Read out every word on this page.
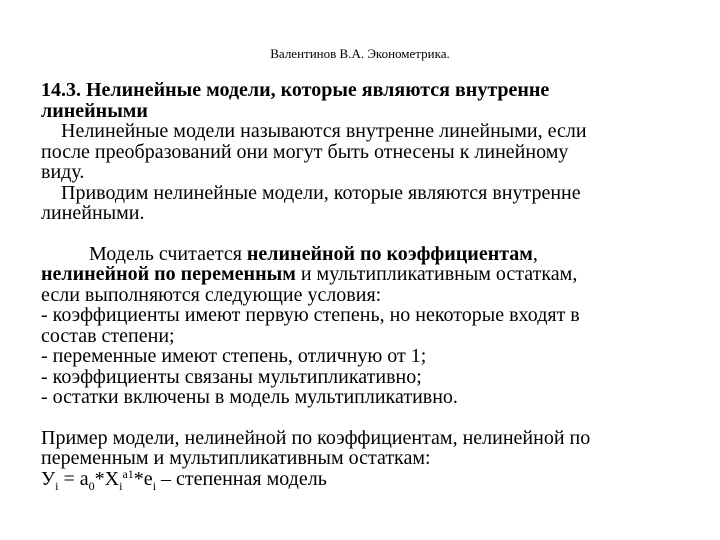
Валентинов В.А. Эконометрика.

14.3. Нелинейные модели, которые являются внутренне
линейными

Нелинейные модели называются внутренне линейными, если

после преобразований они могут быть отнесены к линейному

виду.

Приводим нелинейные модели, которые являются внутренне

линейными.

Модель считается нелинейной по коэффициентам,

нелинейной по переменным и мультипликативным остаткам,

если выполняются следующие условия:

- коэффициенты имеют первую степень, но некоторые входят в

состав степени;

- переменные имеют степень, отличную от 1;

- коэффициенты связаны мультипликативно;

- остатки включены в модель мультипликативно.

Пример модели, нелинейной по коэффициентам, нелинейной по

переменным и мультипликативным остаткам:

$У_i = a_0*X_i^{a1}*e_i$ – степенная модель
